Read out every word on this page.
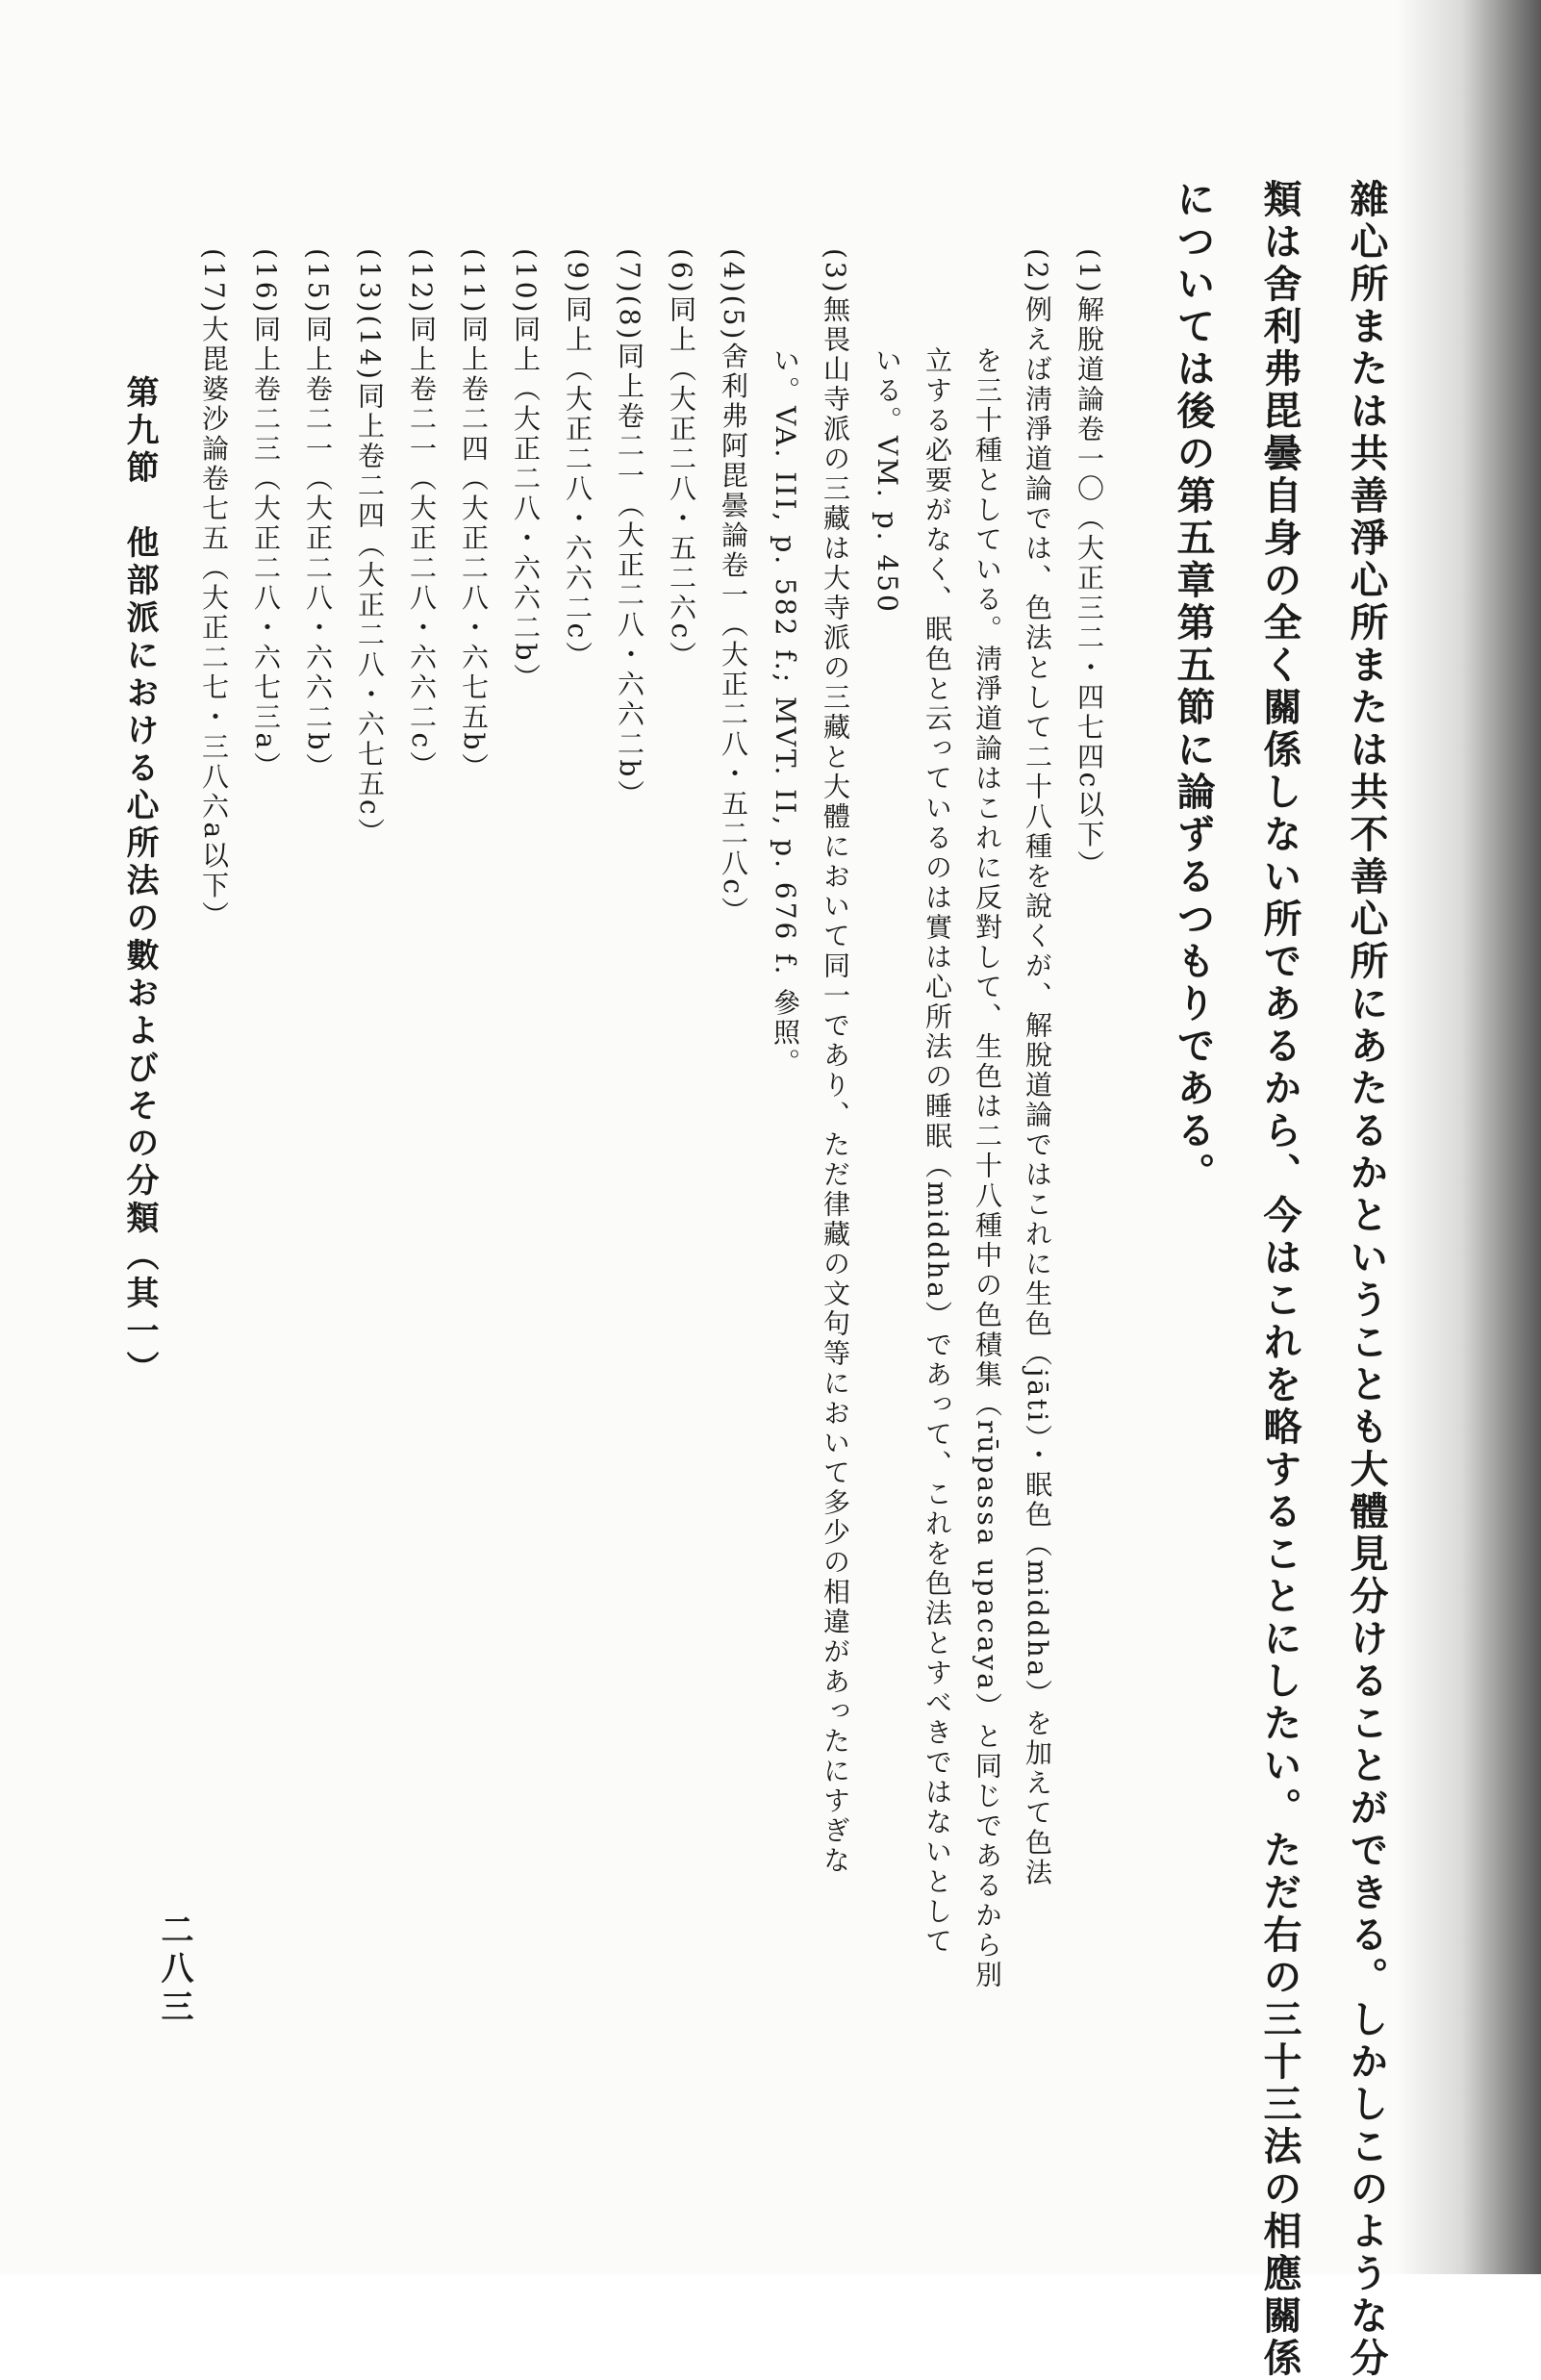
雜心所または共善淨心所または共不善心所にあたるかということも大體見分けることができる。しかしこのような分
類は舍利弗毘曇自身の全く關係しない所であるから、今はこれを略することにしたい。ただ右の三十三法の相應關係
については後の第五章第五節に論ずるつもりである。
(1)解脫道論卷一〇（大正三二・四七四c以下）
(2)例えば淸淨道論では、色法として二十八種を說くが、解脫道論ではこれに生色（jāti）・眠色（middha）を加えて色法
を三十種としている。淸淨道論はこれに反對して、生色は二十八種中の色積集（rūpassa upacaya）と同じであるから別
立する必要がなく、眠色と云っているのは實は心所法の睡眠（middha）であって、これを色法とすべきではないとして
いる。VM. p. 450
(3)無畏山寺派の三藏は大寺派の三藏と大體において同一であり、ただ律藏の文句等において多少の相違があったにすぎな
い。VA. III, p. 582 f.; MVT. II, p. 676 f. 參照。
(4)(5)舍利弗阿毘曇論卷一（大正二八・五二八c）
(6)同上（大正二八・五二六c）
(7)(8)同上卷二一（大正二八・六六二b）
(9)同上（大正二八・六六二c）
(10)同上（大正二八・六六二b）
(11)同上卷二四（大正二八・六七五b）
(12)同上卷二一（大正二八・六六二c）
(13)(14)同上卷二四（大正二八・六七五c）
(15)同上卷二一（大正二八・六六二b）
(16)同上卷二三（大正二八・六七三a）
(17)大毘婆沙論卷七五（大正二七・三八六a以下）
第九節　他部派における心所法の數およびその分類（其一）
二八三
